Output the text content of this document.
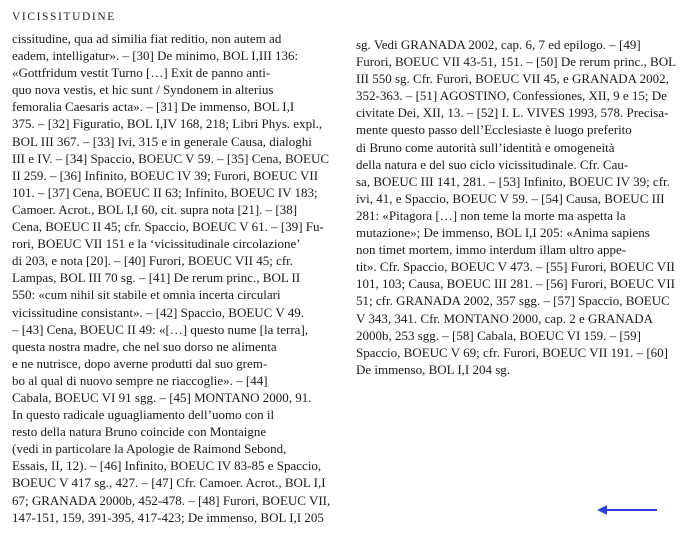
VICISSITUDINE
cissitudine, qua ad similia fiat reditio, non autem ad
eadem, intelligatur». – [30] De minimo, BOL I,III 136:
«Gottfridum vestit Turno […] Exit de panno anti-
quo nova vestis, et hic sunt / Syndonem in alterius
femoralia Caesaris acta». – [31] De immenso, BOL I,I
375. – [32] Figuratio, BOL I,IV 168, 218; Libri Phys. expl.,
BOL III 367. – [33] Ivi, 315 e in generale Causa, dialoghi
III e IV. – [34] Spaccio, BOEUC V 59. – [35] Cena, BOEUC
II 259. – [36] Infinito, BOEUC IV 39; Furori, BOEUC VII
101. – [37] Cena, BOEUC II 63; Infinito, BOEUC IV 183;
Camoer. Acrot., BOL I,I 60, cit. supra nota [21]. – [38]
Cena, BOEUC II 45; cfr. Spaccio, BOEUC V 61. – [39] Fu-
rori, BOEUC VII 151 e la ‘vicissitudinale circolazione’
di 203, e nota [20]. – [40] Furori, BOEUC VII 45; cfr.
Lampas, BOL III 70 sg. – [41] De rerum princ., BOL II
550: «cum nihil sit stabile et omnia incerta circulari
vicissitudine consistant». – [42] Spaccio, BOEUC V 49.
– [43] Cena, BOEUC II 49: «[…] questo nume [la terra],
questa nostra madre, che nel suo dorso ne alimenta
e ne nutrisce, dopo averne produtti dal suo grem-
bo al qual di nuovo sempre ne riaccoglie». – [44]
Cabala, BOEUC VI 91 sgg. – [45] MONTANO 2000, 91.
In questo radicale uguagliamento dell’uomo con il
resto della natura Bruno coincide con Montaigne
(vedi in particolare la Apologie de Raimond Sebond,
Essais, II, 12). – [46] Infinito, BOEUC IV 83-85 e Spaccio,
BOEUC V 417 sg., 427. – [47] Cfr. Camoer. Acrot., BOL I,I
67; GRANADA 2000b, 452-478. – [48] Furori, BOEUC VII,
147-151, 159, 391-395, 417-423; De immenso, BOL I,I 205
sg. Vedi GRANADA 2002, cap. 6, 7 ed epilogo. – [49]
Furori, BOEUC VII 43-51, 151. – [50] De rerum princ., BOL
III 550 sg. Cfr. Furori, BOEUC VII 45, e GRANADA 2002,
352-363. – [51] AGOSTINO, Confessiones, XII, 9 e 15; De
civitate Dei, XII, 13. – [52] I. L. VIVES 1993, 578. Precisa-
mente questo passo dell’Ecclesiaste è luogo preferito
di Bruno come autorità sull’identità e omogeneità
della natura e del suo ciclo vicissitudinale. Cfr. Cau-
sa, BOEUC III 141, 281. – [53] Infinito, BOEUC IV 39; cfr.
ivi, 41, e Spaccio, BOEUC V 59. – [54] Causa, BOEUC III
281: «Pitagora […] non teme la morte ma aspetta la
mutazione»; De immenso, BOL I,I 205: «Anima sapiens
non timet mortem, immo interdum illam ultro appe-
tit». Cfr. Spaccio, BOEUC V 473. – [55] Furori, BOEUC VII
101, 103; Causa, BOEUC III 281. – [56] Furori, BOEUC VII
51; cfr. GRANADA 2002, 357 sgg. – [57] Spaccio, BOEUC
V 343, 341. Cfr. MONTANO 2000, cap. 2 e GRANADA
2000b, 253 sgg. – [58] Cabala, BOEUC VI 159. – [59]
Spaccio, BOEUC V 69; cfr. Furori, BOEUC VII 191. – [60]
De immenso, BOL I,I 204 sg.
